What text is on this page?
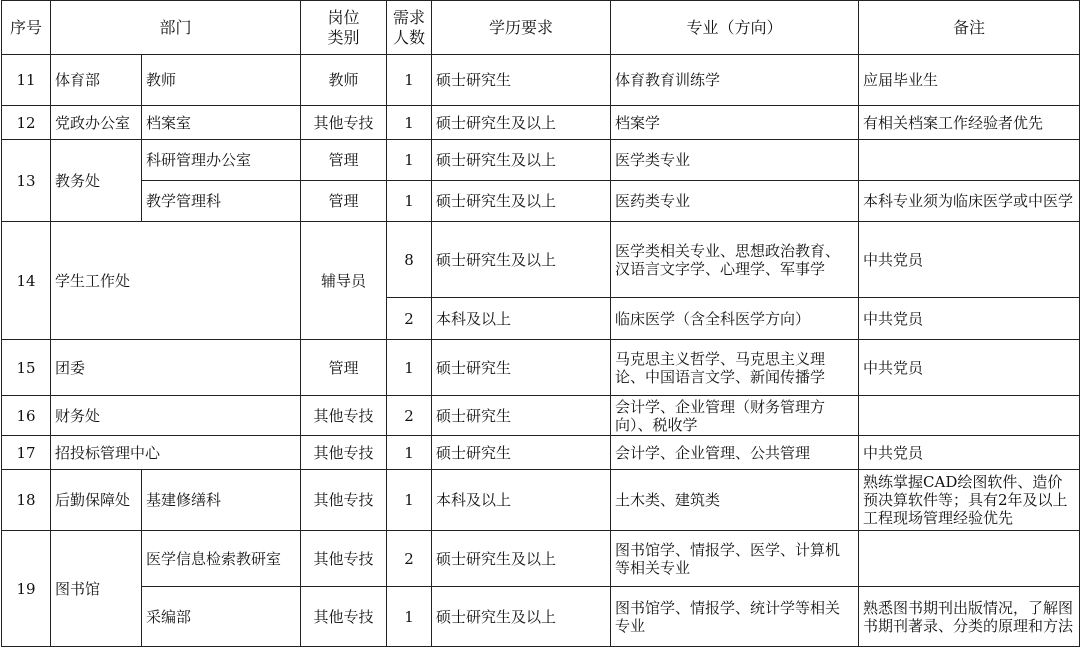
序号	部门		岗位类别	需求人数	学历要求	专业（方向）	备注
11	体育部	教师	教师	1	硕士研究生	体育教育训练学	应届毕业生
12	党政办公室	档案室	其他专技	1	硕士研究生及以上	档案学	有相关档案工作经验者优先
13	教务处	科研管理办公室	管理	1	硕士研究生及以上	医学类专业	
		教学管理科	管理	1	硕士研究生及以上	医药类专业	本科专业须为临床医学或中医学
14	学生工作处		辅导员	8	硕士研究生及以上	医学类相关专业、思想政治教育、汉语言文字学、心理学、军事学	中共党员
				2	本科及以上	临床医学（含全科医学方向）	中共党员
15	团委		管理	1	硕士研究生	马克思主义哲学、马克思主义理论、中国语言文学、新闻传播学	中共党员
16	财务处		其他专技	2	硕士研究生	会计学、企业管理（财务管理方向）、税收学	
17	招投标管理中心		其他专技	1	硕士研究生	会计学、企业管理、公共管理	中共党员
18	后勤保障处	基建修缮科	其他专技	1	本科及以上	土木类、建筑类	熟练掌握CAD绘图软件、造价预决算软件等；具有2年及以上工程现场管理经验优先
19	图书馆	医学信息检索教研室	其他专技	2	硕士研究生及以上	图书馆学、情报学、医学、计算机等相关专业	
		采编部	其他专技	1	硕士研究生及以上	图书馆学、情报学、统计学等相关专业	熟悉图书期刊出版情况，了解图书期刊著录、分类的原理和方法
